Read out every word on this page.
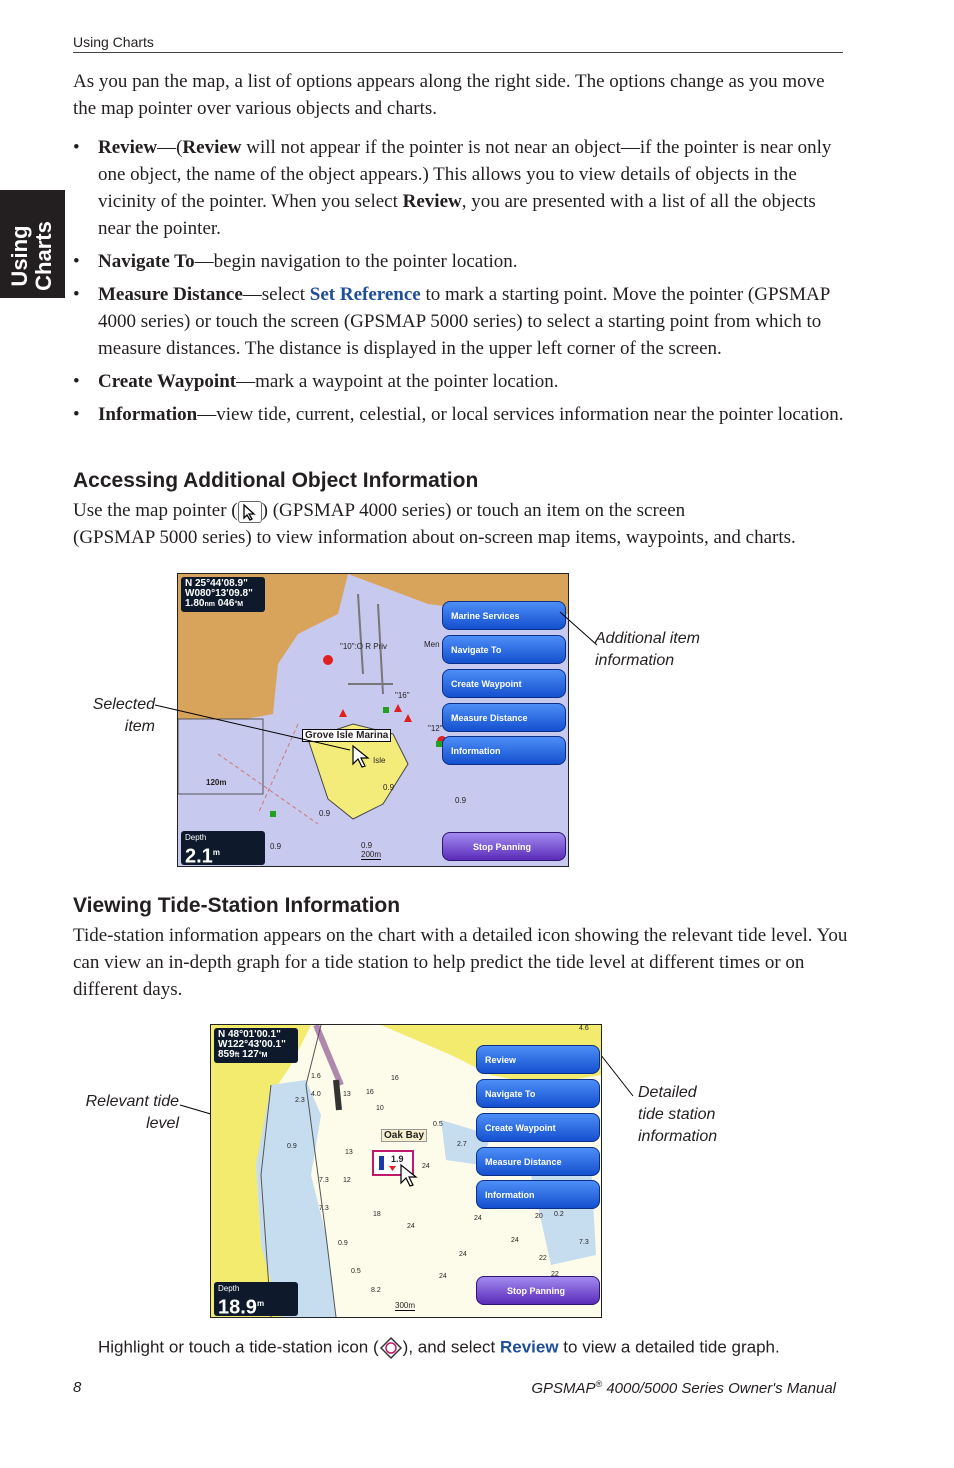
Using Charts
Using Charts
As you pan the map, a list of options appears along the right side. The options change as you move the map pointer over various objects and charts.
• Review—(Review will not appear if the pointer is not near an object—if the pointer is near only one object, the name of the object appears.) This allows you to view details of objects in the vicinity of the pointer. When you select Review, you are presented with a list of all the objects near the pointer.
• Navigate To—begin navigation to the pointer location.
• Measure Distance—select Set Reference to mark a starting point. Move the pointer (GPSMAP 4000 series) or touch the screen (GPSMAP 5000 series) to select a starting point from which to measure distances. The distance is displayed in the upper left corner of the screen.
• Create Waypoint—mark a waypoint at the pointer location.
• Information—view tide, current, celestial, or local services information near the pointer location.
Accessing Additional Object Information
Use the map pointer ( ) (GPSMAP 4000 series) or touch an item on the screen
(GPSMAP 5000 series) to view information about on-screen map items, waypoints, and charts.
N 25°44'08.9"
W080°13'09.8"
1.80nm 046°M
Marine Services
Navigate To
Create Waypoint
Measure Distance
Information
Stop Panning
Depth
2.1$^m$
Grove Isle Marina
120m
200m
"10":O R Priv	Men
"16"
"12"
Isle
0.9
0.9
0.9
0.9	0.9
Selected
item
Additional item
information
Viewing Tide-Station Information
Tide-station information appears on the chart with a detailed icon showing the relevant tide level. You can view an in-depth graph for a tide station to help predict the tide level at different times or on different days.
N 48°01'00.1"
W122°43'00.1"
859ft 127°M	Review
Navigate To
Create Waypoint
Measure Distance
Information
Stop Panning
Depth
18.9$^m$
Oak Bay
1.9
300m
4.6
1.6
4.0	13 16
16
2.3
10
2.7
0.5
0.9
13
7.3 12
7.3
18
24
24
24
24
24	20 0.2
7.3
22
22
0.9
0.5
8.2
24
Relevant tide
level
Detailed
tide station
information
Highlight or touch a tide-station icon ( ), and select Review to view a detailed tide graph.
8	GPSMAP® 4000/5000 Series Owner's Manual
